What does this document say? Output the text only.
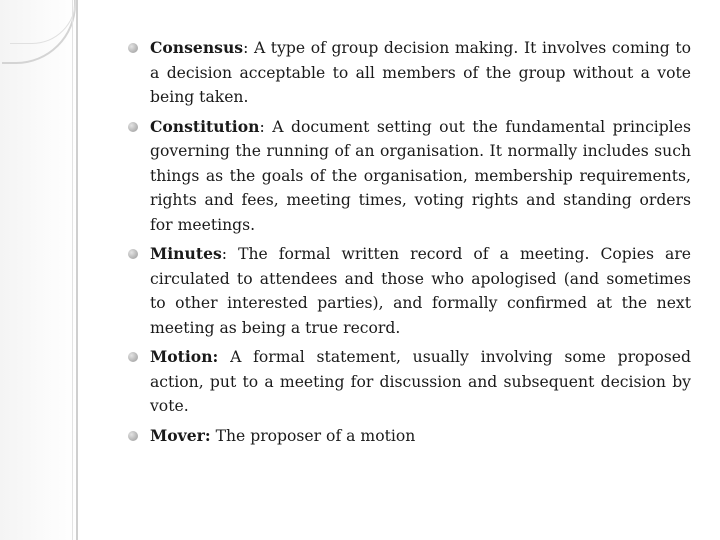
Consensus: A type of group decision making. It involves coming to a decision acceptable to all members of the group without a vote being taken.
Constitution: A document setting out the fundamental principles governing the running of an organisation. It normally includes such things as the goals of the organisation, membership requirements, rights and fees, meeting times, voting rights and standing orders for meetings.
Minutes: The formal written record of a meeting. Copies are circulated to attendees and those who apologised (and sometimes to other interested parties), and formally confirmed at the next meeting as being a true record.
Motion: A formal statement, usually involving some proposed action, put to a meeting for discussion and subsequent decision by vote.
Mover: The proposer of a motion
